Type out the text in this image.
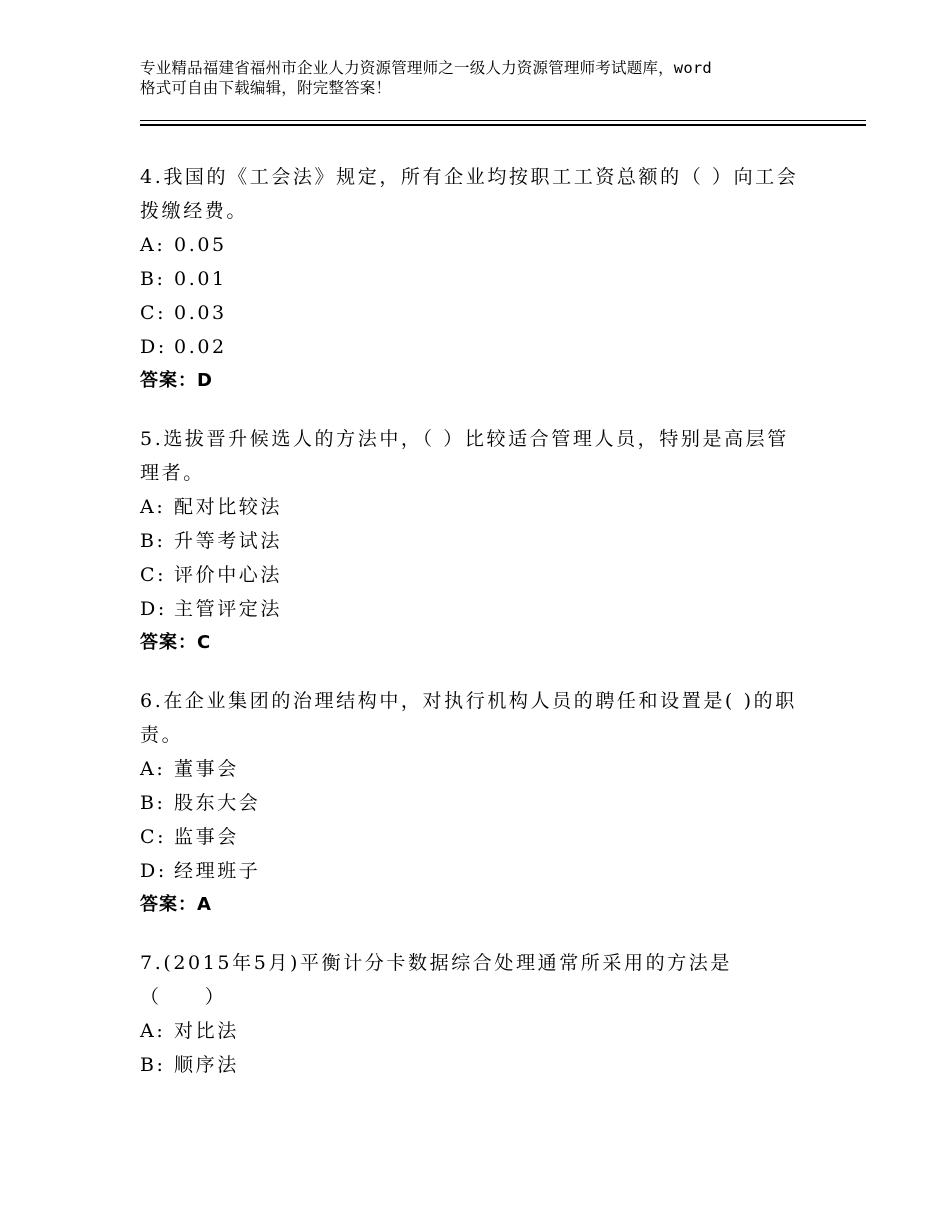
专业精品福建省福州市企业人力资源管理师之一级人力资源管理师考试题库，word
格式可自由下载编辑，附完整答案！
4.我国的《工会法》规定，所有企业均按职工工资总额的（ ）向工会
拨缴经费。
A: 0.05
B: 0.01
C: 0.03
D: 0.02
答案：D
5.选拔晋升候选人的方法中，（ ）比较适合管理人员，特别是高层管
理者。
A: 配对比较法
B: 升等考试法
C: 评价中心法
D: 主管评定法
答案：C
6.在企业集团的治理结构中，对执行机构人员的聘任和设置是( )的职
责。
A: 董事会
B: 股东大会
C: 监事会
D: 经理班子
答案：A
7.(2015年5月)平衡计分卡数据综合处理通常所采用的方法是
（　　）
A: 对比法
B: 顺序法
